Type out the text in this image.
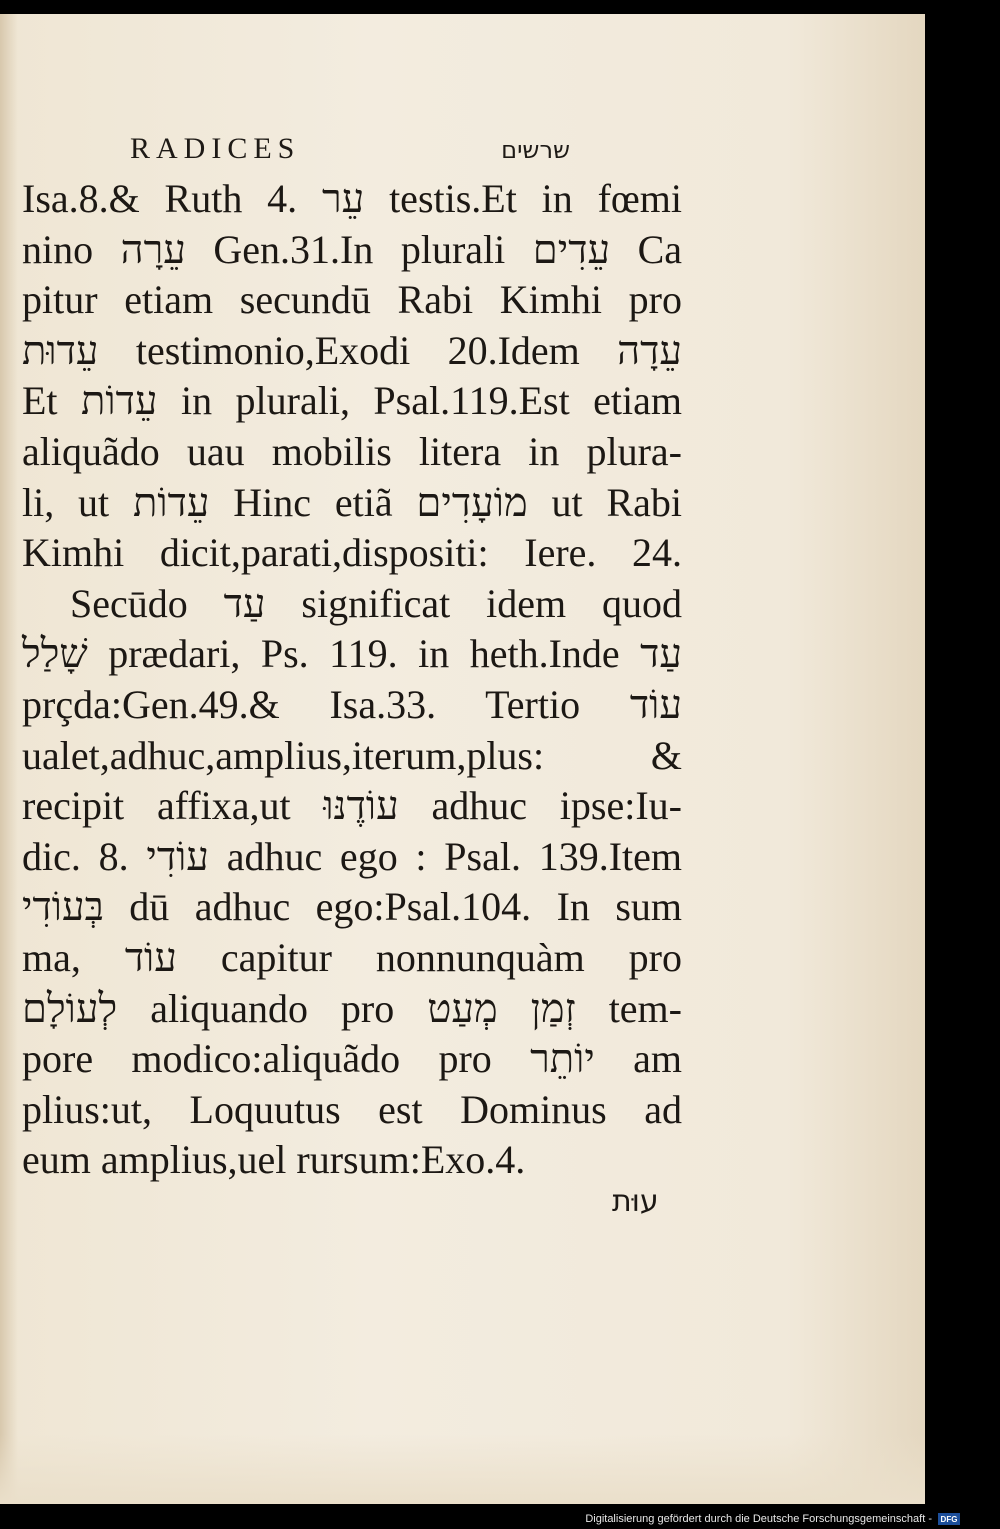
RADICES	שרשים
Isa.8.& Ruth 4. עֵר testis.Et in fœmi
nino עֵרָה Gen.31.In plurali עֵדִים Ca
pitur etiam secundū Rabi Kimhi pro
עֵדוּת testimonio,Exodi 20.Idem עֵדָה
Et עֵדוֹת in plurali, Psal.119.Est etiam
aliquãdo uau mobilis litera in plura-
li, ut עֵדוֹת Hinc etiã מוֹעָדִים ut Rabi
Kimhi dicit,parati,dispositi: Iere. 24.
Secūdo עַד significat idem quod
שָׁלַל prædari, Ps. 119. in heth.Inde עַד
prçda:Gen.49.& Isa.33. Tertio עוֹד
ualet,adhuc,amplius,iterum,plus: &
recipit affixa,ut עוֹדֶנּוּ adhuc ipse:Iu-
dic. 8. עוֹדִי adhuc ego : Psal. 139.Item
בְּעוֹדִי dū adhuc ego:Psal.104. In sum
ma, עוֹד capitur nonnunquàm pro
לְעוֹלָם aliquando pro זְמַן מְעַט tem-
pore modico:aliquãdo pro יוֹתֵר am
plius:ut, Loquutus est Dominus ad
eum amplius,uel rursum:Exo.4.
עוּת
Digitalisierung gefördert durch die Deutsche Forschungsgemeinschaft -	DFG
